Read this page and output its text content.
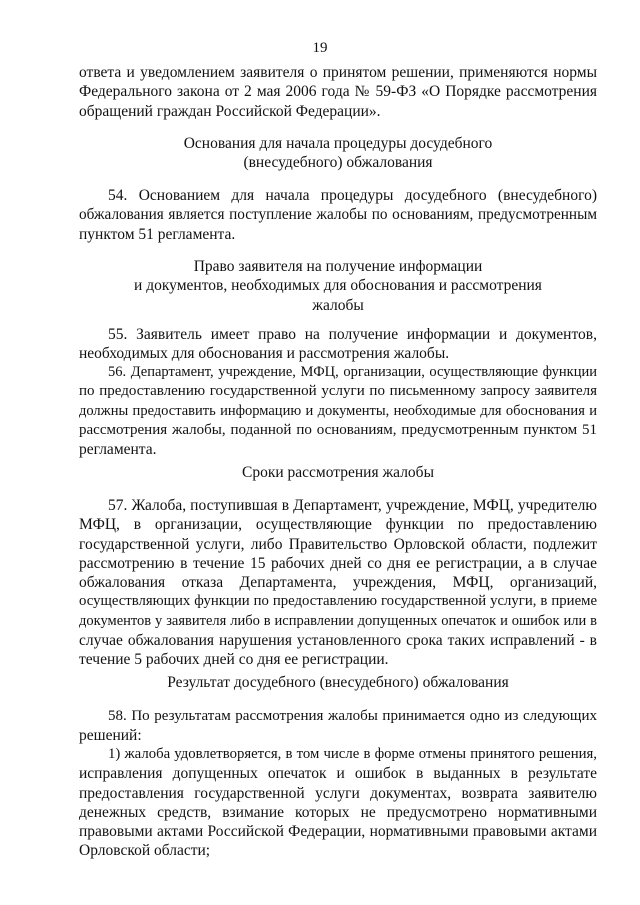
19
ответа и уведомлением заявителя о принятом решении, применяются нормы
Федерального закона от 2 мая 2006 года № 59-ФЗ «О Порядке рассмотрения
обращений граждан Российской Федерации».
Основания для начала процедуры досудебного
(внесудебного) обжалования
54. Основанием для начала процедуры досудебного (внесудебного)
обжалования является поступление жалобы по основаниям, предусмотренным
пунктом 51 регламента.
Право заявителя на получение информации
и документов, необходимых для обоснования и рассмотрения
жалобы
55. Заявитель имеет право на получение информации и документов,
необходимых для обоснования и рассмотрения жалобы.
56. Департамент, учреждение, МФЦ, организации, осуществляющие функции
по предоставлению государственной услуги по письменному запросу заявителя
должны предоставить информацию и документы, необходимые для обоснования и
рассмотрения жалобы, поданной по основаниям, предусмотренным пунктом 51
регламента.
Сроки рассмотрения жалобы
57. Жалоба, поступившая в Департамент, учреждение, МФЦ, учредителю
МФЦ, в организации, осуществляющие функции по предоставлению
государственной услуги, либо Правительство Орловской области, подлежит
рассмотрению в течение 15 рабочих дней со дня ее регистрации, а в случае
обжалования отказа Департамента, учреждения, МФЦ, организаций,
осуществляющих функции по предоставлению государственной услуги, в приеме
документов у заявителя либо в исправлении допущенных опечаток и ошибок или в
случае обжалования нарушения установленного срока таких исправлений - в
течение 5 рабочих дней со дня ее регистрации.
Результат досудебного (внесудебного) обжалования
58. По результатам рассмотрения жалобы принимается одно из следующих
решений:
1) жалоба удовлетворяется, в том числе в форме отмены принятого решения,
исправления допущенных опечаток и ошибок в выданных в результате
предоставления государственной услуги документах, возврата заявителю
денежных средств, взимание которых не предусмотрено нормативными
правовыми актами Российской Федерации, нормативными правовыми актами
Орловской области;
